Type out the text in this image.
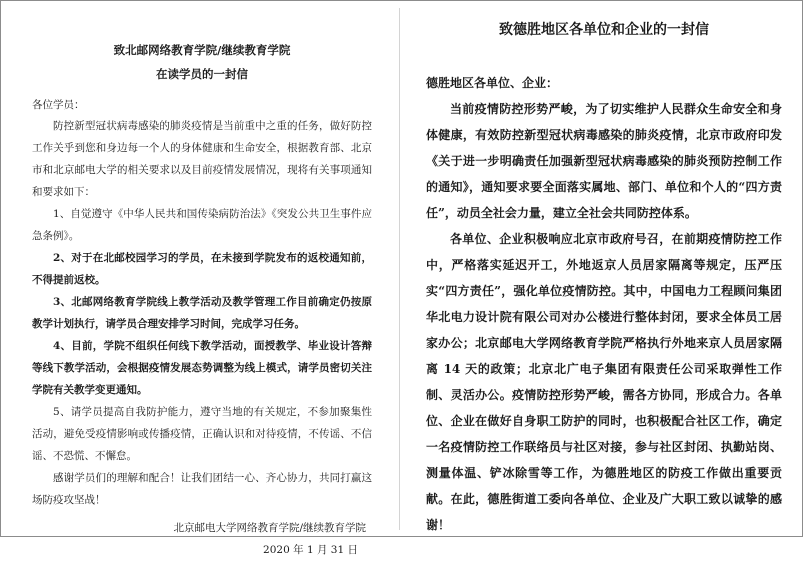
致北邮网络教育学院/继续教育学院
在读学员的一封信
各位学员：

防控新型冠状病毒感染的肺炎疫情是当前重中之重的任务，做好防控工作关乎到您和身边每一个人的身体健康和生命安全，根据教育部、北京市和北京邮电大学的相关要求以及目前疫情发展情况，现将有关事项通知和要求如下：

1、自觉遵守《中华人民共和国传染病防治法》《突发公共卫生事件应急条例》。

2、对于在北邮校园学习的学员，在未接到学院发布的返校通知前，不得提前返校。

3、北邮网络教育学院线上教学活动及教学管理工作目前确定仍按原教学计划执行，请学员合理安排学习时间，完成学习任务。

4、目前，学院不组织任何线下教学活动，面授教学、毕业设计答辩等线下教学活动，会根据疫情发展态势调整为线上模式，请学员密切关注学院有关教学变更通知。

5、请学员提高自我防护能力，遵守当地的有关规定，不参加聚集性活动，避免受疫情影响或传播疫情，正确认识和对待疫情，不传谣、不信谣、不恐慌、不懈怠。

感谢学员们的理解和配合！让我们团结一心、齐心协力，共同打赢这场防疫攻坚战！

北京邮电大学网络教育学院/继续教育学院
2020 年 1 月 31 日
致德胜地区各单位和企业的一封信
德胜地区各单位、企业：

当前疫情防控形势严峻，为了切实维护人民群众生命安全和身体健康，有效防控新型冠状病毒感染的肺炎疫情，北京市政府印发《关于进一步明确责任加强新型冠状病毒感染的肺炎预防控制工作的通知》，通知要求要全面落实属地、部门、单位和个人的“四方责任”，动员全社会力量，建立全社会共同防控体系。

各单位、企业积极响应北京市政府号召，在前期疫情防控工作中，严格落实延迟开工，外地返京人员居家隔离等规定，压严压实“四方责任”，强化单位疫情防控。其中，中国电力工程顾问集团华北电力设计院有限公司对办公楼进行整体封闭，要求全体员工居家办公；北京邮电大学网络教育学院严格执行外地来京人员居家隔离 14 天的政策；北京北广电子集团有限责任公司采取弹性工作制、灵活办公。疫情防控形势严峻，需各方协同，形成合力。各单位、企业在做好自身职工防护的同时，也积极配合社区工作，确定一名疫情防控工作联络员与社区对接，参与社区封闭、执勤站岗、测量体温、铲冰除雪等工作，为德胜地区的防疫工作做出重要贡献。在此，德胜街道工委向各单位、企业及广大职工致以诚挚的感谢！
